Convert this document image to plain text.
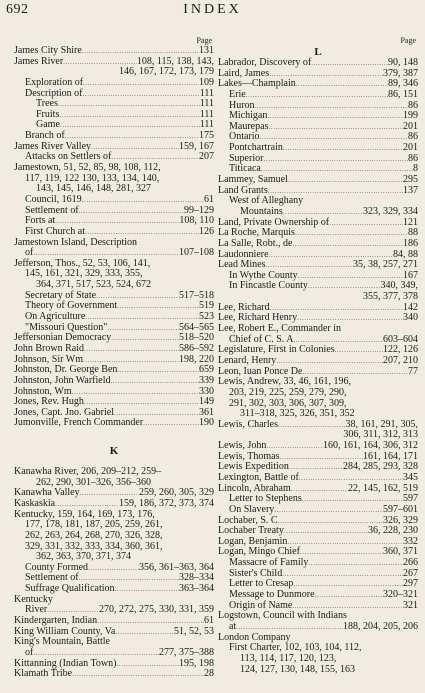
692	INDEX
Page
James City Shire .....	131
James River .....	108, 115, 138, 143,
146, 167, 172, 173, 179
Exploration of .....	109
Description of .....	111
Trees .....	111
Fruits .....	111
Game .....	111
Branch of .....	175
James River Valley .....	159, 167
Attacks on Settlers of .....	207
Jamestown, 51, 52, 85, 98, 108, 112,
117, 119, 122 130, 133, 134, 140,
143, 145, 146, 148, 281, 327
Council, 1619 .....	61
Settlement of .....	99–129
Forts at .....	108, 110
First Church at .....	126
Jamestown Island, Description
of .....	107–108
Jefferson, Thos., 52, 53, 106, 141,
145, 161, 321, 329, 333, 355,
364, 371, 517, 523, 524, 672
Secretary of State .....	517–518
Theory of Government .....	519
On Agriculture .....	523
"Missouri Question" .....	564–565
Jeffersonian Democracy .....	518–520
John Brown Raid .....	586–592
Johnson, Sir Wm .....	198, 220
Johnston, Dr. George Ben .....	659
Johnston, John Warfield .....	339
Johnston, Wm .....	330
Jones, Rev. Hugh .....	149
Jones, Capt. Jno. Gabriel .....	361
Jumonville, French Commander .....	190
K
Kanawha River, 206, 209–212, 259–
262, 290, 301–326, 356–360
Kanawha Valley .....	259, 260, 305, 329
Kaskaskia .....	159, 186, 372, 373, 374
Kentucky, 159, 164, 169, 173, 176,
177, 178, 181, 187, 205, 259, 261,
262, 263, 264, 268, 270, 326, 328,
329, 331, 332, 333, 334, 360, 361,
362, 363, 370, 371, 374
County Formed .....	356, 361–363, 364
Settlement of .....	328–334
Suffrage Qualification .....	363–364
Kentucky
River .....	270, 272, 275, 330, 331, 359
Kindergarten, Indian .....	61
King William County, Va .....	51, 52, 53
King's Mountain, Battle
of .....	277, 375–388
Kittanning (Indian Town) .....	195, 198
Klamath Tribe .....	28
Page
L
Labrador, Discovery of .....	90, 148
Laird, James .....	379, 387
Lakes—Champlain .....	89, 346
Erie .....	86, 151
Huron .....	86
Michigan .....	199
Maurepas .....	201
Ontario .....	86
Pontchartrain .....	201
Superior .....	86
Titicaca .....	8
Lammey, Samuel .....	295
Land Grants .....	137
West of Alleghany
Mountains .....	323, 329, 334
Land, Private Ownership of .....	121
La Roche, Marquis .....	88
La Salle, Robt., de .....	186
Laudonniere .....	84, 88
Lead Mines .....	35, 38, 257, 271
In Wythe County .....	167
In Fincastle County .....	340, 349,
355, 377, 378
Lee, Richard .....	142
Lee, Richard Henry .....	340
Lee, Robert E., Commander in
Chief of C. S. A .....	603–604
Legislature, First in Colonies .....	122, 126
Lenard, Henry .....	207, 210
Leon, Iuan Ponce De .....	77
Lewis, Andrew, 33, 46, 161, 196,
203, 219, 225, 259, 279, 290,
291, 302, 303, 306, 307, 309,
311–318, 325, 326, 351, 352
Lewis, Charles .....	38, 161, 291, 305,
306, 311, 312, 313
Lewis, John .....	160, 161, 164, 306, 312
Lewis, Thomas .....	161, 164, 171
Lewis Expedition .....	284, 285, 293, 328
Lexington, Battle of .....	345
Lincoln, Abraham .....	22, 145, 162, 519
Letter to Stephens .....	597
On Slavery .....	597–601
Lochaber, S. C .....	326, 329
Lochaber Treaty .....	36, 228, 230
Logan, Benjamin .....	332
Logan, Mingo Chief .....	360, 371
Massacre of Family .....	266
Sister's Child .....	267
Letter to Cresap .....	297
Message to Dunmore .....	320–321
Origin of Name .....	321
Logstown, Council with Indians
at .....	188, 204, 205, 206
London Company
First Charter, 102, 103, 104, 112,
113, 114, 117, 120, 123,
124, 127, 130, 148, 155, 163
